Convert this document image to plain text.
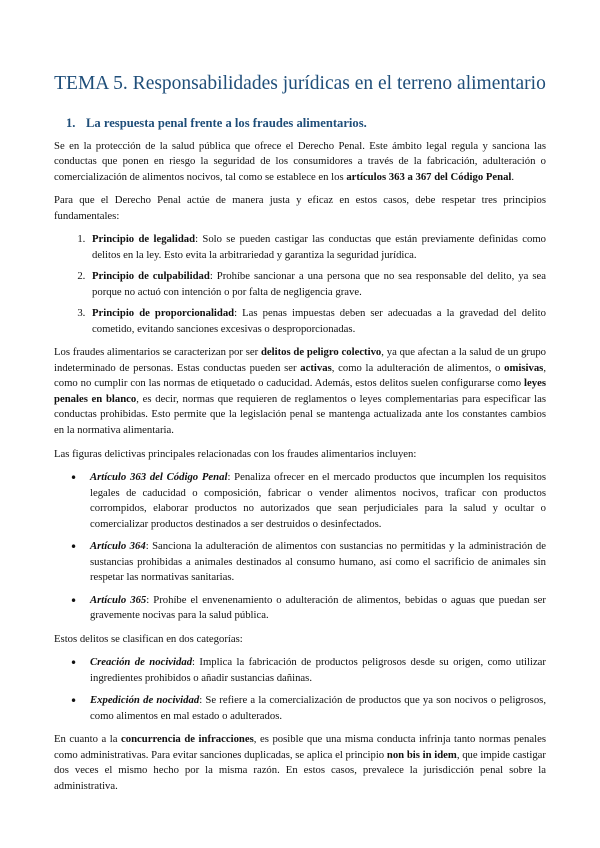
TEMA 5. Responsabilidades jurídicas en el terreno alimentario
1. La respuesta penal frente a los fraudes alimentarios.

Se en la protección de la salud pública que ofrece el Derecho Penal. Este ámbito legal regula y sanciona las conductas que ponen en riesgo la seguridad de los consumidores a través de la fabricación, adulteración o comercialización de alimentos nocivos, tal como se establece en los artículos 363 a 367 del Código Penal.

Para que el Derecho Penal actúe de manera justa y eficaz en estos casos, debe respetar tres principios fundamentales:

1. Principio de legalidad: Solo se pueden castigar las conductas que están previamente definidas como delitos en la ley. Esto evita la arbitrariedad y garantiza la seguridad jurídica.
2. Principio de culpabilidad: Prohíbe sancionar a una persona que no sea responsable del delito, ya sea porque no actuó con intención o por falta de negligencia grave.
3. Principio de proporcionalidad: Las penas impuestas deben ser adecuadas a la gravedad del delito cometido, evitando sanciones excesivas o desproporcionadas.

Los fraudes alimentarios se caracterizan por ser delitos de peligro colectivo, ya que afectan a la salud de un grupo indeterminado de personas. Estas conductas pueden ser activas, como la adulteración de alimentos, o omisivas, como no cumplir con las normas de etiquetado o caducidad. Además, estos delitos suelen configurarse como leyes penales en blanco, es decir, normas que requieren de reglamentos o leyes complementarias para especificar las conductas prohibidas. Esto permite que la legislación penal se mantenga actualizada ante los constantes cambios en la normativa alimentaria.

Las figuras delictivas principales relacionadas con los fraudes alimentarios incluyen:

• Artículo 363 del Código Penal: Penaliza ofrecer en el mercado productos que incumplen los requisitos legales de caducidad o composición, fabricar o vender alimentos nocivos, traficar con productos corrompidos, elaborar productos no autorizados que sean perjudiciales para la salud y ocultar o comercializar productos destinados a ser destruidos o desinfectados.
• Artículo 364: Sanciona la adulteración de alimentos con sustancias no permitidas y la administración de sustancias prohibidas a animales destinados al consumo humano, así como el sacrificio de animales sin respetar las normativas sanitarias.
• Artículo 365: Prohíbe el envenenamiento o adulteración de alimentos, bebidas o aguas que puedan ser gravemente nocivas para la salud pública.

Estos delitos se clasifican en dos categorías:

• Creación de nocividad: Implica la fabricación de productos peligrosos desde su origen, como utilizar ingredientes prohibidos o añadir sustancias dañinas.
• Expedición de nocividad: Se refiere a la comercialización de productos que ya son nocivos o peligrosos, como alimentos en mal estado o adulterados.

En cuanto a la concurrencia de infracciones, es posible que una misma conducta infrinja tanto normas penales como administrativas. Para evitar sanciones duplicadas, se aplica el principio non bis in idem, que impide castigar dos veces el mismo hecho por la misma razón. En estos casos, prevalece la jurisdicción penal sobre la administrativa.
